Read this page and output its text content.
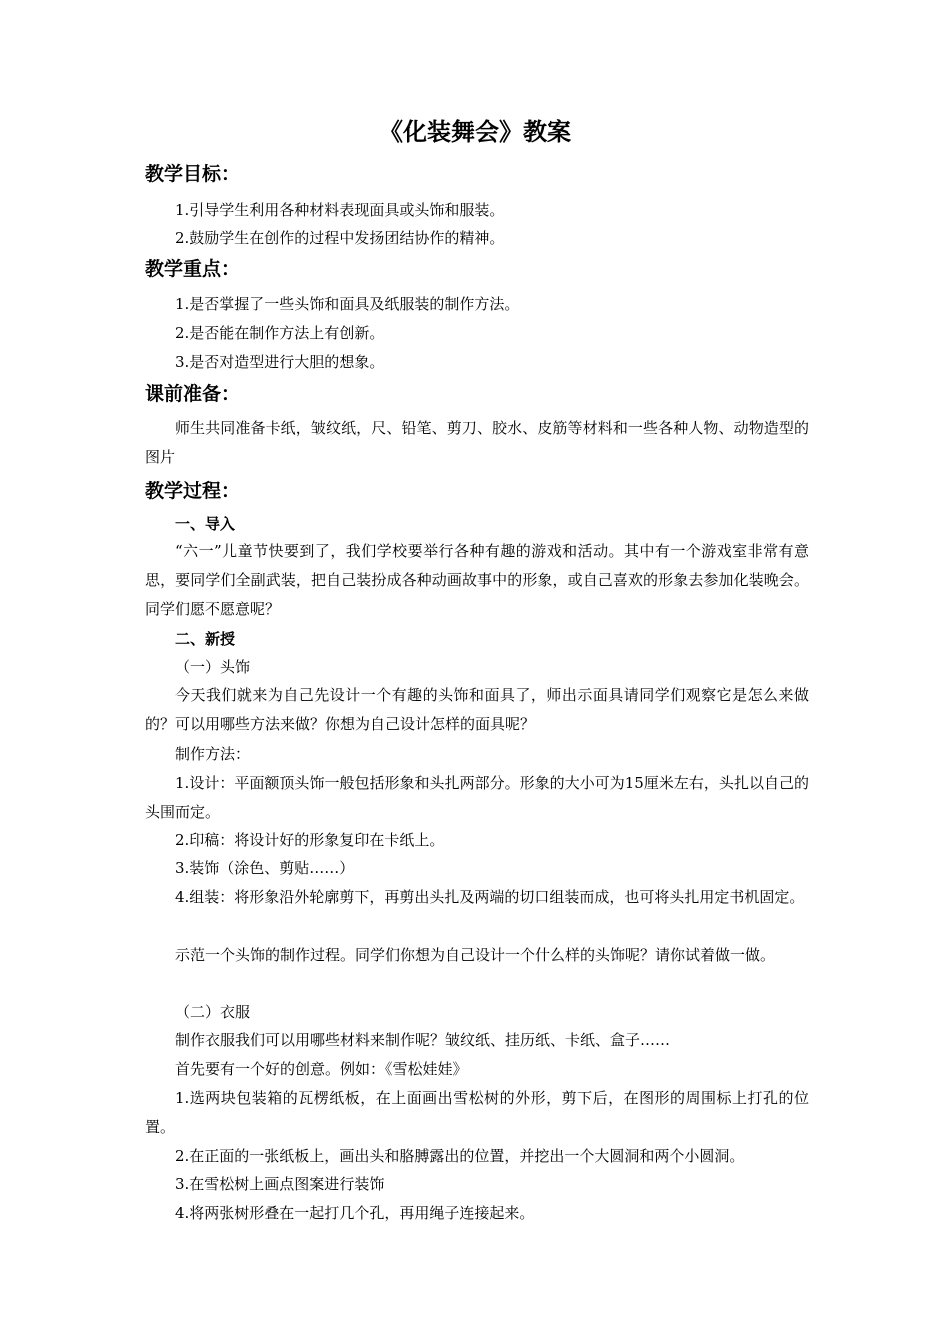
《化装舞会》教案
教学目标：
1.引导学生利用各种材料表现面具或头饰和服装。
2.鼓励学生在创作的过程中发扬团结协作的精神。
教学重点：
1.是否掌握了一些头饰和面具及纸服装的制作方法。
2.是否能在制作方法上有创新。
3.是否对造型进行大胆的想象。
课前准备：
师生共同准备卡纸，皱纹纸，尺、铅笔、剪刀、胶水、皮筋等材料和一些各种人物、动物造型的图片
教学过程：
一、导入
“六一”儿童节快要到了，我们学校要举行各种有趣的游戏和活动。其中有一个游戏室非常有意思，要同学们全副武装，把自己装扮成各种动画故事中的形象，或自己喜欢的形象去参加化装晚会。同学们愿不愿意呢？
二、新授
（一）头饰
今天我们就来为自己先设计一个有趣的头饰和面具了，师出示面具请同学们观察它是怎么来做的？可以用哪些方法来做？你想为自己设计怎样的面具呢？
制作方法：
1.设计：平面额顶头饰一般包括形象和头扎两部分。形象的大小可为15厘米左右，头扎以自己的头围而定。
2.印稿：将设计好的形象复印在卡纸上。
3.装饰（涂色、剪贴……）
4.组装：将形象沿外轮廓剪下，再剪出头扎及两端的切口组装而成，也可将头扎用定书机固定。
示范一个头饰的制作过程。同学们你想为自己设计一个什么样的头饰呢？请你试着做一做。
（二）衣服
制作衣服我们可以用哪些材料来制作呢？皱纹纸、挂历纸、卡纸、盒子……
首先要有一个好的创意。例如：《雪松娃娃》
1.选两块包装箱的瓦楞纸板，在上面画出雪松树的外形，剪下后，在图形的周围标上打孔的位置。
2.在正面的一张纸板上，画出头和胳膊露出的位置，并挖出一个大圆洞和两个小圆洞。
3.在雪松树上画点图案进行装饰
4.将两张树形叠在一起打几个孔，再用绳子连接起来。
